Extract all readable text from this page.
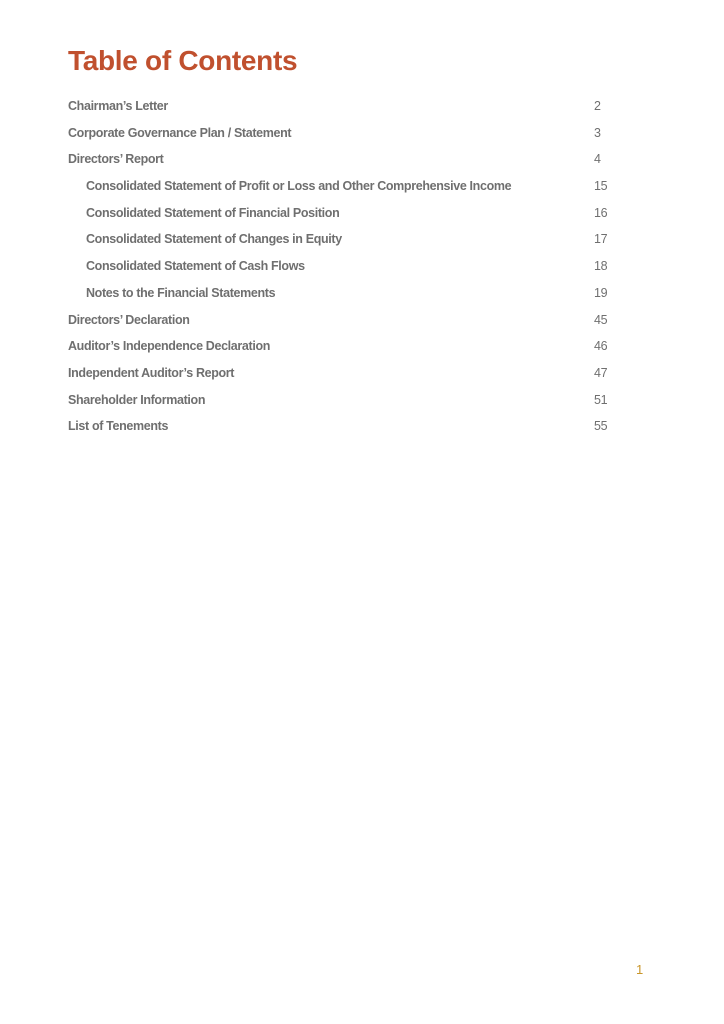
Table of Contents
Chairman’s Letter	2
Corporate Governance Plan / Statement	3
Directors’ Report	4
Consolidated Statement of Profit or Loss and Other Comprehensive Income	15
Consolidated Statement of Financial Position	16
Consolidated Statement of Changes in Equity	17
Consolidated Statement of Cash Flows	18
Notes to the Financial Statements	19
Directors’ Declaration	45
Auditor’s Independence Declaration	46
Independent Auditor’s Report	47
Shareholder Information	51
List of Tenements	55
1
